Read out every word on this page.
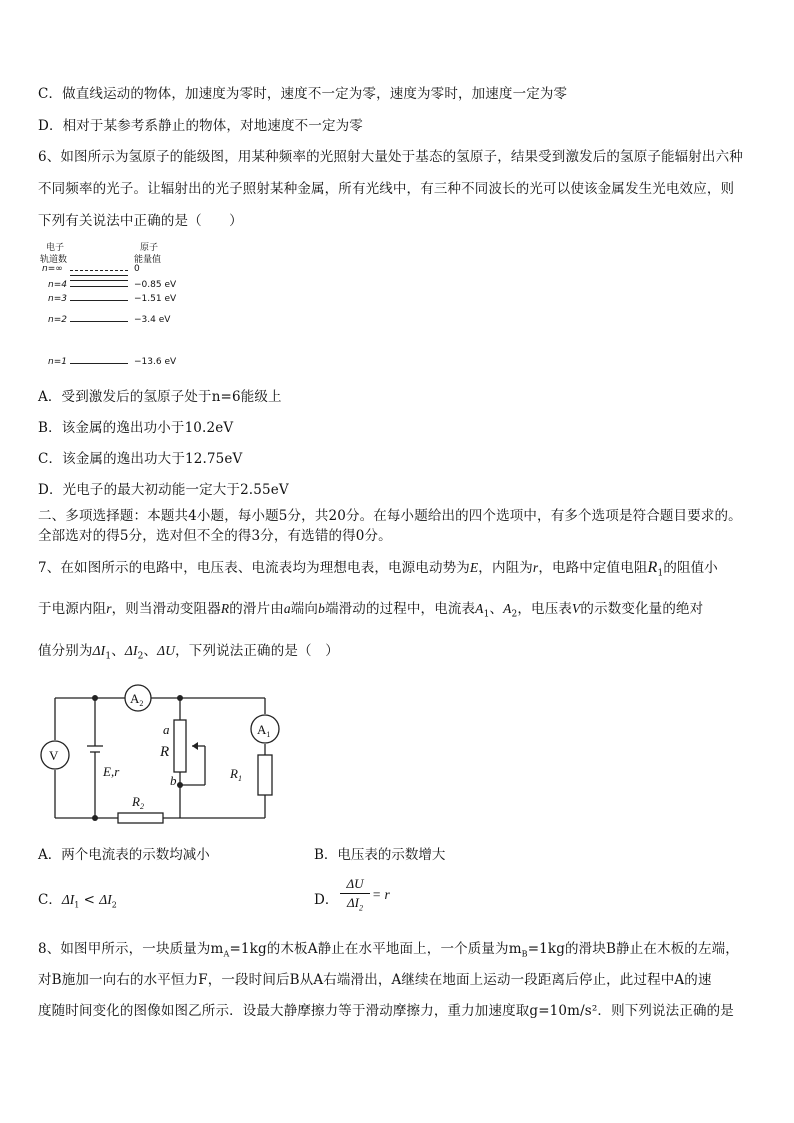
C．做直线运动的物体，加速度为零时，速度不一定为零，速度为零时，加速度一定为零
D．相对于某参考系静止的物体，对地速度不一定为零
6、如图所示为氢原子的能级图，用某种频率的光照射大量处于基态的氢原子，结果受到激发后的氢原子能辐射出六种
不同频率的光子。让辐射出的光子照射某种金属，所有光线中，有三种不同波长的光可以使该金属发生光电效应，则
下列有关说法中正确的是（　　）
电子
轨道数
原子
能量值
n=∞	0
n=4	−0.85 eV
n=3	−1.51 eV
n=2	−3.4 eV
n=1	−13.6 eV
A．受到激发后的氢原子处于n=6能级上
B．该金属的逸出功小于10.2eV
C．该金属的逸出功大于12.75eV
D．光电子的最大初动能一定大于2.55eV
二、多项选择题：本题共4小题，每小题5分，共20分。在每小题给出的四个选项中，有多个选项是符合题目要求的。
全部选对的得5分，选对但不全的得3分，有选错的得0分。
7、在如图所示的电路中，电压表、电流表均为理想电表，电源电动势为E，内阻为r，电路中定值电阻$R_1$的阻值小
于电源内阻r，则当滑动变阻器R的滑片由a端向b端滑动的过程中，电流表$A_1$、$A_2$，电压表V的示数变化量的绝对
值分别为$\Delta I_1$、$\Delta I_2$、ΔU，下列说法正确的是（　）
$A_2$
$A_1$
V
E,r
a
R
b	$R_1$
$R_2$
A．两个电流表的示数均减小	B．电压表的示数增大
C．$\Delta I_1 < \Delta I_2$	D．
ΔU
$\Delta I_2$
= r
8、如图甲所示，一块质量为$m_A=1kg$的木板A静止在水平地面上，一个质量为$m_B=1kg$的滑块B静止在木板的左端，
对B施加一向右的水平恒力F，一段时间后B从A右端滑出，A继续在地面上运动一段距离后停止，此过程中A的速
度随时间变化的图像如图乙所示．设最大静摩擦力等于滑动摩擦力，重力加速度取g=10m/s²．则下列说法正确的是
